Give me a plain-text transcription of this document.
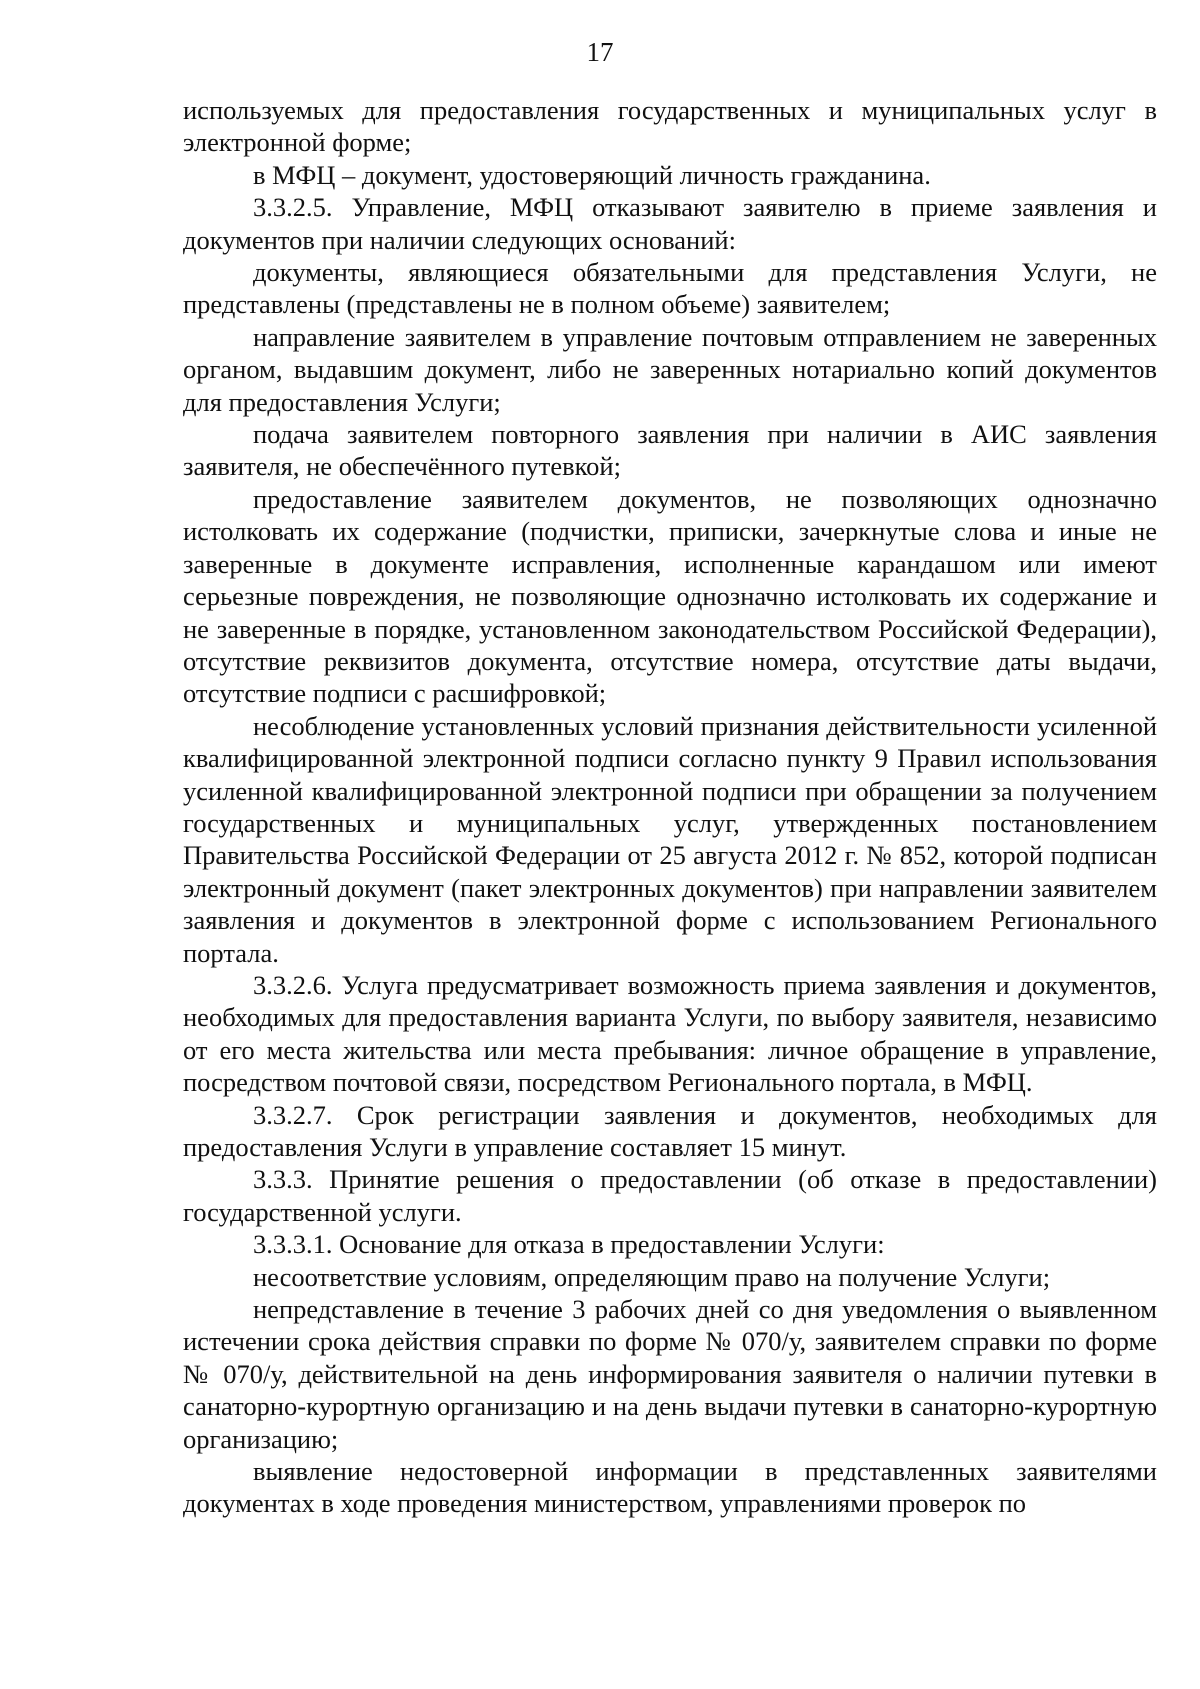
17

используемых для предоставления государственных и муниципальных услуг в электронной форме;

в МФЦ – документ, удостоверяющий личность гражданина.

3.3.2.5. Управление, МФЦ отказывают заявителю в приеме заявления и документов при наличии следующих оснований:

документы, являющиеся обязательными для представления Услуги, не представлены (представлены не в полном объеме) заявителем;

направление заявителем в управление почтовым отправлением не заверенных органом, выдавшим документ, либо не заверенных нотариально копий документов для предоставления Услуги;

подача заявителем повторного заявления при наличии в АИС заявления заявителя, не обеспечённого путевкой;

предоставление заявителем документов, не позволяющих однозначно истолковать их содержание (подчистки, приписки, зачеркнутые слова и иные не заверенные в документе исправления, исполненные карандашом или имеют серьезные повреждения, не позволяющие однозначно истолковать их содержание и не заверенные в порядке, установленном законодательством Российской Федерации), отсутствие реквизитов документа, отсутствие номера, отсутствие даты выдачи, отсутствие подписи с расшифровкой;

несоблюдение установленных условий признания действительности усиленной квалифицированной электронной подписи согласно пункту 9 Правил использования усиленной квалифицированной электронной подписи при обращении за получением государственных и муниципальных услуг, утвержденных постановлением Правительства Российской Федерации от 25 августа 2012 г. № 852, которой подписан электронный документ (пакет электронных документов) при направлении заявителем заявления и документов в электронной форме с использованием Регионального портала.

3.3.2.6. Услуга предусматривает возможность приема заявления и документов, необходимых для предоставления варианта Услуги, по выбору заявителя, независимо от его места жительства или места пребывания: личное обращение в управление, посредством почтовой связи, посредством Регионального портала, в МФЦ.

3.3.2.7. Срок регистрации заявления и документов, необходимых для предоставления Услуги в управление составляет 15 минут.

3.3.3. Принятие решения о предоставлении (об отказе в предоставлении) государственной услуги.

3.3.3.1. Основание для отказа в предоставлении Услуги:

несоответствие условиям, определяющим право на получение Услуги;

непредставление в течение 3 рабочих дней со дня уведомления о выявленном истечении срока действия справки по форме № 070/у, заявителем справки по форме № 070/у, действительной на день информирования заявителя о наличии путевки в санаторно-курортную организацию и на день выдачи путевки в санаторно-курортную организацию;

выявление недостоверной информации в представленных заявителями документах в ходе проведения министерством, управлениями проверок по
